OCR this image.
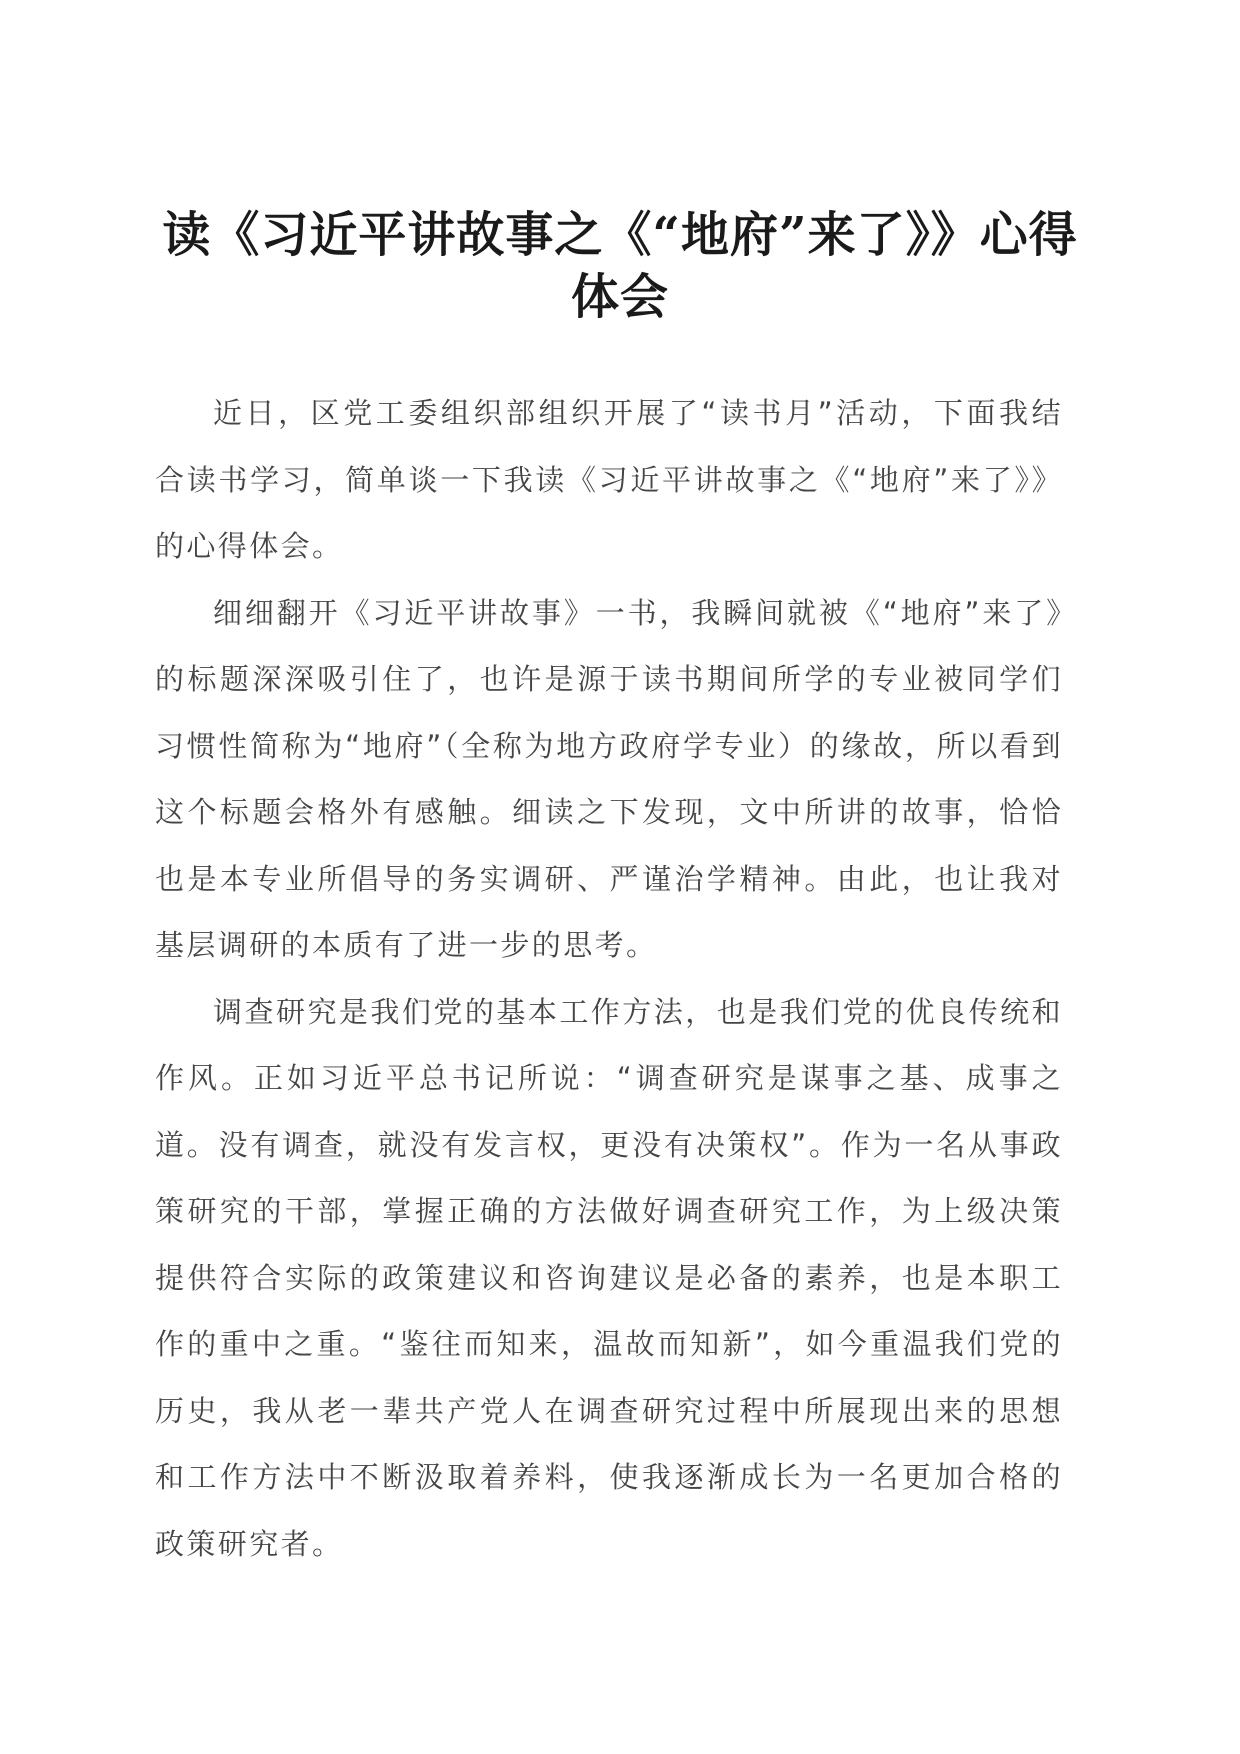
读《习近平讲故事之《“地府”来了》》心得体会

近日，区党工委组织部组织开展了“读书月”活动，下面我结合读书学习，简单谈一下我读《习近平讲故事之《“地府”来了》》的心得体会。

细细翻开《习近平讲故事》一书，我瞬间就被《“地府”来了》的标题深深吸引住了，也许是源于读书期间所学的专业被同学们习惯性简称为“地府”（全称为地方政府学专业）的缘故，所以看到这个标题会格外有感触。细读之下发现，文中所讲的故事，恰恰也是本专业所倡导的务实调研、严谨治学精神。由此，也让我对基层调研的本质有了进一步的思考。

调查研究是我们党的基本工作方法，也是我们党的优良传统和作风。正如习近平总书记所说：“调查研究是谋事之基、成事之道。没有调查，就没有发言权，更没有决策权”。作为一名从事政策研究的干部，掌握正确的方法做好调查研究工作，为上级决策提供符合实际的政策建议和咨询建议是必备的素养，也是本职工作的重中之重。“鉴往而知来，温故而知新”，如今重温我们党的历史，我从老一辈共产党人在调查研究过程中所展现出来的思想和工作方法中不断汲取着养料，使我逐渐成长为一名更加合格的政策研究者。
